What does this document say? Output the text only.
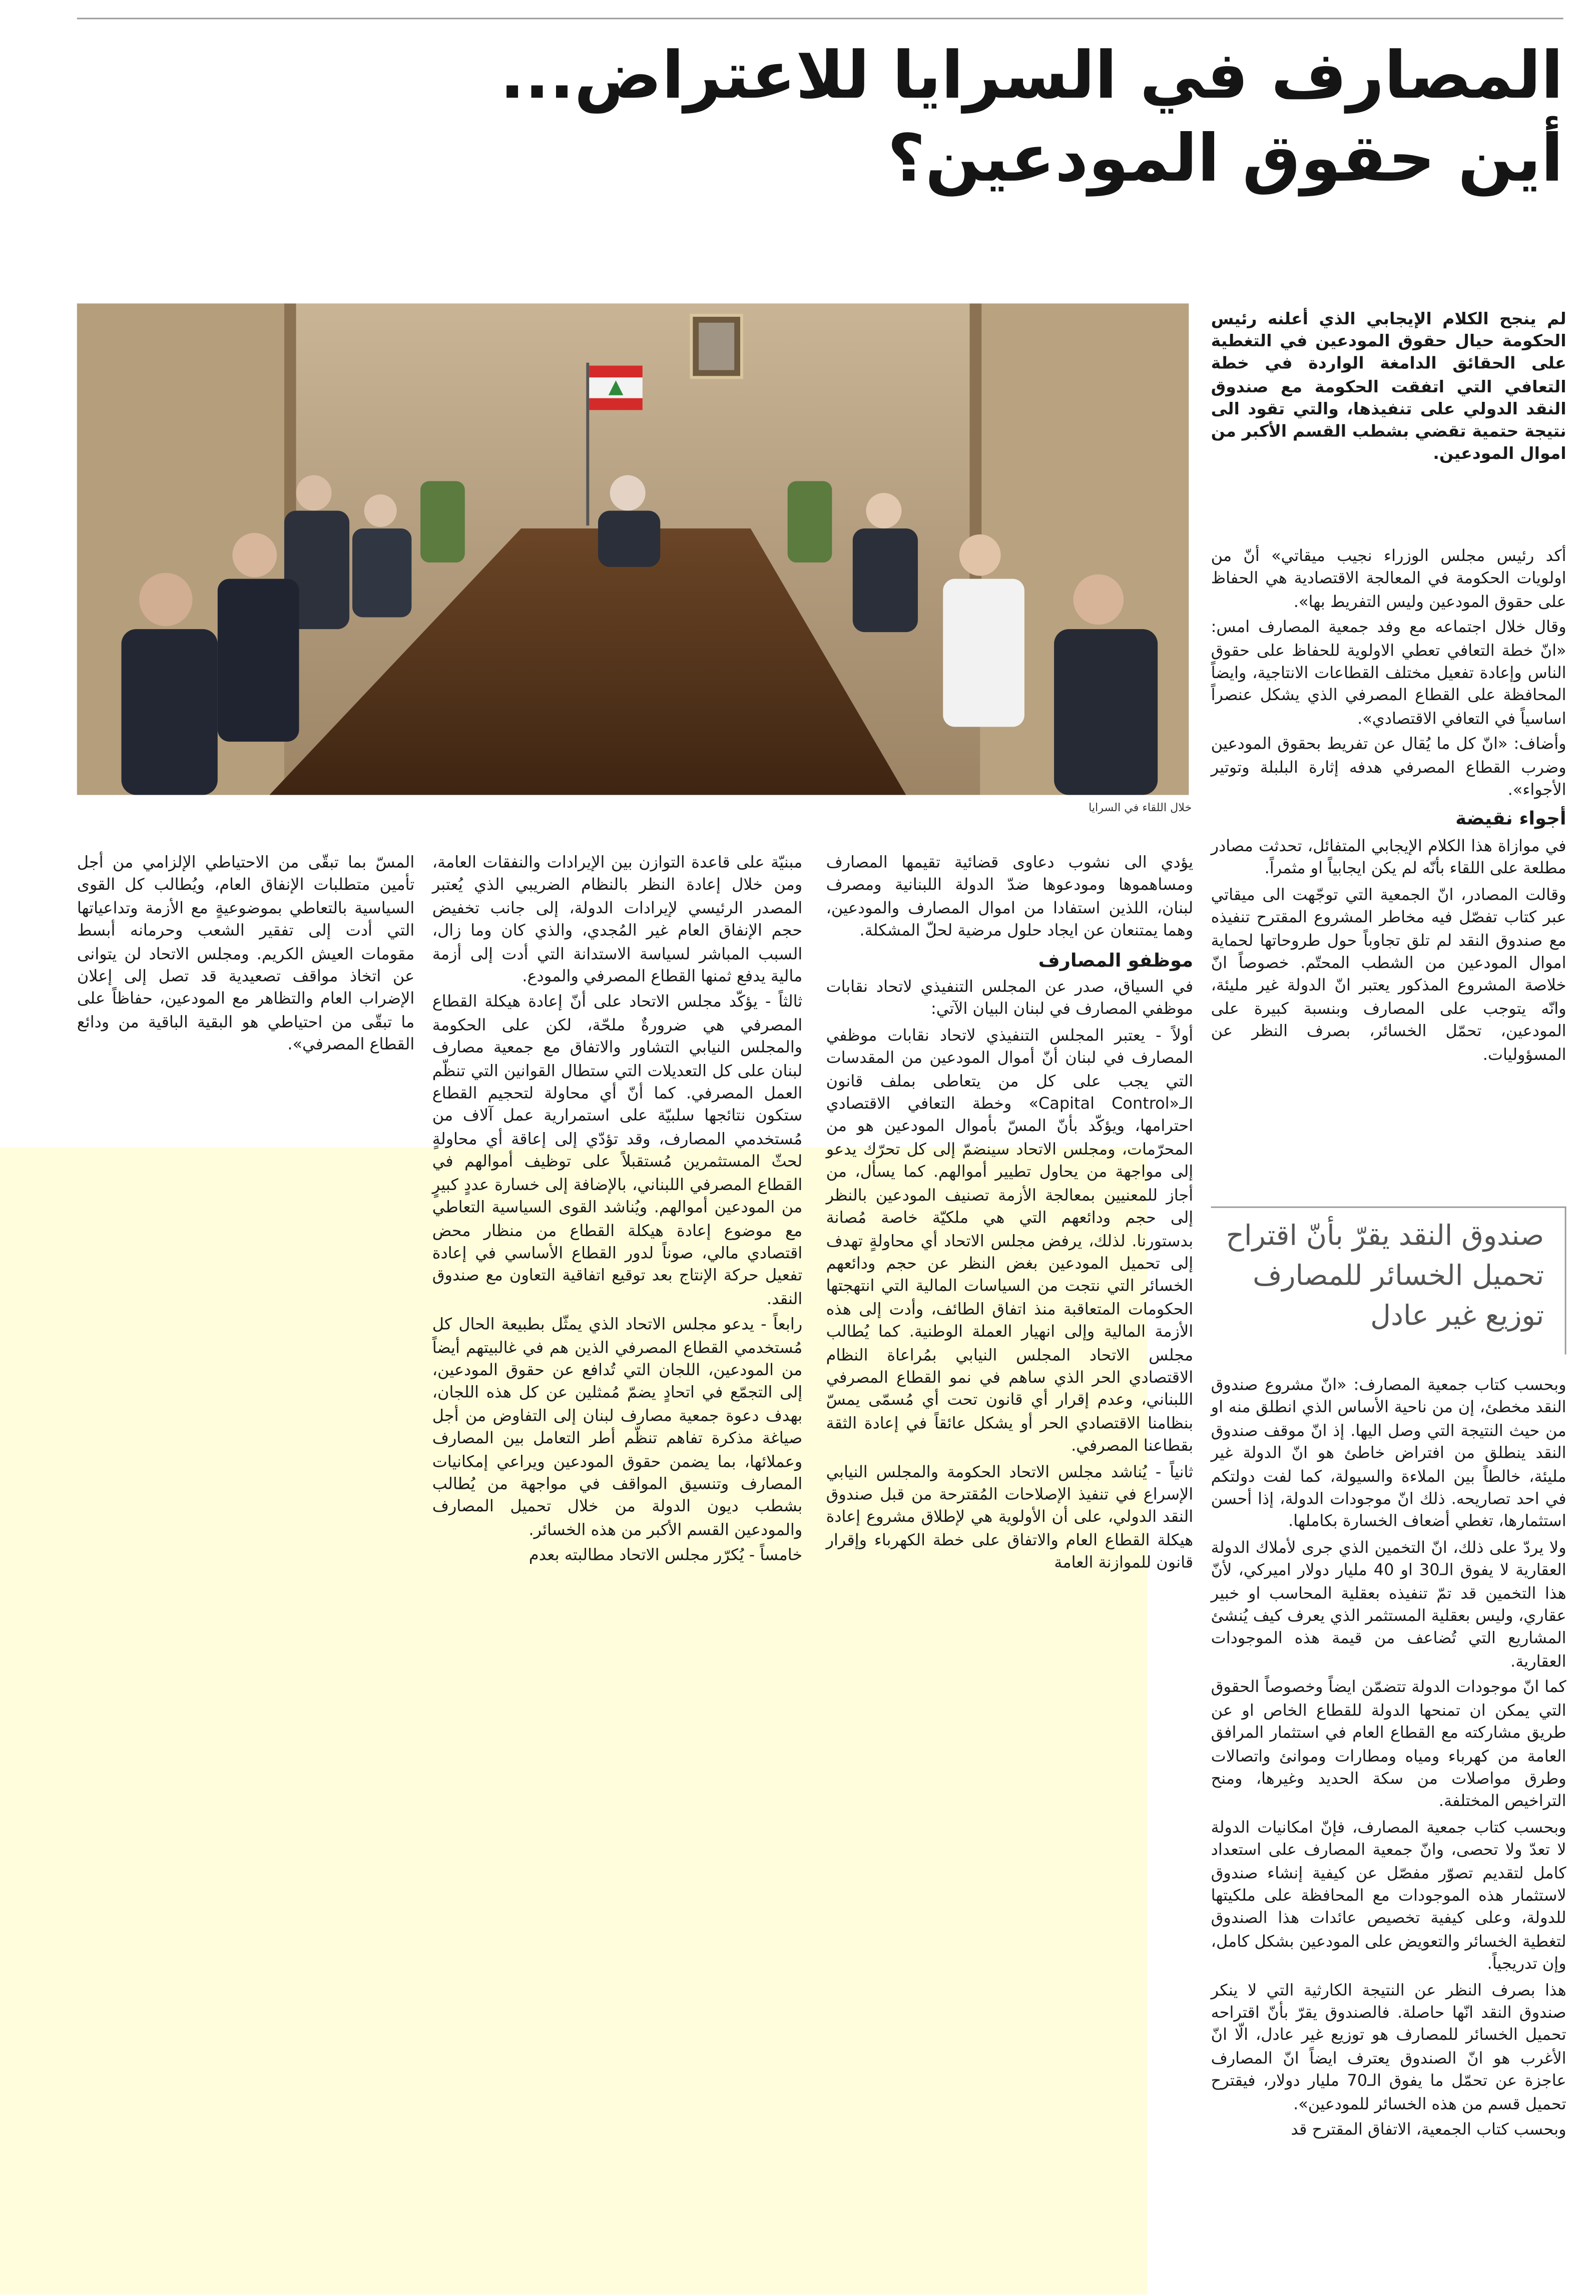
المصارف في السرايا للاعتراض...
أين حقوق المودعين؟
خلال اللقاء في السرايا

لم ينجح الكلام الإيجابي الذي أعلنه رئيس الحكومة حيال حقوق المودعين في التغطية على الحقائق الدامغة الواردة في خطة التعافي التي اتفقت الحكومة مع صندوق النقد الدولي على تنفيذها، والتي تقود الى نتيجة حتمية تقضي بشطب القسم الأكبر من اموال المودعين.

أكد رئيس مجلس الوزراء نجيب ميقاتي» أنّ من اولويات الحكومة في المعالجة الاقتصادية هي الحفاظ على حقوق المودعين وليس التفريط بها».

وقال خلال اجتماعه مع وفد جمعية المصارف امس: «انّ خطة التعافي تعطي الاولوية للحفاظ على حقوق الناس وإعادة تفعيل مختلف القطاعات الانتاجية، وايضاً المحافظة على القطاع المصرفي الذي يشكل عنصراً اساسياً في التعافي الاقتصادي».

وأضاف: «انّ كل ما يُقال عن تفريط بحقوق المودعين وضرب القطاع المصرفي هدفه إثارة البلبلة وتوتير الأجواء».

أجواء نقيضة

في موازاة هذا الكلام الإيجابي المتفائل، تحدثت مصادر مطلعة على اللقاء بأنّه لم يكن ايجابياً او مثمراً.

وقالت المصادر، انّ الجمعية التي توجّهت الى ميقاتي عبر كتاب تفصّل فيه مخاطر المشروع المقترح تنفيذه مع صندوق النقد لم تلق تجاوباً حول طروحاتها لحماية اموال المودعين من الشطب المحتّم. خصوصاً انّ خلاصة المشروع المذكور يعتبر انّ الدولة غير مليئة، وانّه يتوجب على المصارف وبنسبة كبيرة على المودعين، تحمّل الخسائر، بصرف النظر عن المسؤوليات.

صندوق النقد يقرّ بأنّ اقتراح تحميل الخسائر للمصارف توزيع غير عادل

وبحسب كتاب جمعية المصارف: «انّ مشروع صندوق النقد مخطئ، إن من ناحية الأساس الذي انطلق منه او من حيث النتيجة التي وصل اليها. إذ انّ موقف صندوق النقد ينطلق من افتراض خاطئ هو انّ الدولة غير مليئة، خالطاً بين الملاءة والسيولة، كما لفت دولتكم في احد تصاريحه. ذلك انّ موجودات الدولة، إذا أحسن استثمارها، تغطي أضعاف الخسارة بكاملها.

ولا يردّ على ذلك، انّ التخمين الذي جرى لأملاك الدولة العقارية لا يفوق الـ30 او 40 مليار دولار اميركي، لأنّ هذا التخمين قد تمّ تنفيذه بعقلية المحاسب او خبير عقاري، وليس بعقلية المستثمر الذي يعرف كيف يُنشئ المشاريع التي تُضاعف من قيمة هذه الموجودات العقارية.

كما انّ موجودات الدولة تتضمّن ايضاً وخصوصاً الحقوق التي يمكن ان تمنحها الدولة للقطاع الخاص او عن طريق مشاركته مع القطاع العام في استثمار المرافق العامة من كهرباء ومياه ومطارات وموانئ واتصالات وطرق مواصلات من سكة الحديد وغيرها، ومنح التراخيص المختلفة.

وبحسب كتاب جمعية المصارف، فإنّ امكانيات الدولة لا تعدّ ولا تحصى، وانّ جمعية المصارف على استعداد كامل لتقديم تصوّر مفصّل عن كيفية إنشاء صندوق لاستثمار هذه الموجودات مع المحافظة على ملكيتها للدولة، وعلى كيفية تخصيص عائدات هذا الصندوق لتغطية الخسائر والتعويض على المودعين بشكل كامل، وإن تدريجياً.

هذا بصرف النظر عن النتيجة الكارثية التي لا ينكر صندوق النقد انّها حاصلة. فالصندوق يقرّ بأنّ اقتراحه تحميل الخسائر للمصارف هو توزيع غير عادل، الّا انّ الأغرب هو انّ الصندوق يعترف ايضاً انّ المصارف عاجزة عن تحمّل ما يفوق الـ70 مليار دولار، فيقترح تحميل قسم من هذه الخسائر للمودعين».

وبحسب كتاب الجمعية، الاتفاق المقترح قد

يؤدي الى نشوب دعاوى قضائية تقيمها المصارف ومساهموها ومودعوها ضدّ الدولة اللبنانية ومصرف لبنان، اللذين استفادا من اموال المصارف والمودعين، وهما يمتنعان عن ايجاد حلول مرضية لحلّ المشكلة.

موظفو المصارف

في السياق، صدر عن المجلس التنفيذي لاتحاد نقابات موظفي المصارف في لبنان البيان الآتي:

أولاً - يعتبر المجلس التنفيذي لاتحاد نقابات موظفي المصارف في لبنان أنّ أموال المودعين من المقدسات التي يجب على كل من يتعاطى بملف قانون الـ«Capital Control» وخطة التعافي الاقتصادي احترامها، ويؤكّد بأنّ المسّ بأموال المودعين هو من المحرّمات، ومجلس الاتحاد سينضمّ إلى كل تحرّك يدعو إلى مواجهة من يحاول تطيير أموالهم. كما يسأل، من أجاز للمعنيين بمعالجة الأزمة تصنيف المودعين بالنظر إلى حجم ودائعهم التي هي ملكيّة خاصة مُصانة بدستورنا. لذلك، يرفض مجلس الاتحاد أي محاولةٍ تهدف إلى تحميل المودعين بغض النظر عن حجم ودائعهم الخسائر التي نتجت من السياسات المالية التي انتهجتها الحكومات المتعاقبة منذ اتفاق الطائف، وأدت إلى هذه الأزمة المالية وإلى انهيار العملة الوطنية. كما يُطالب مجلس الاتحاد المجلس النيابي بمُراعاة النظام الاقتصادي الحر الذي ساهم في نمو القطاع المصرفي اللبناني، وعدم إقرار أي قانون تحت أي مُسمّى يمسّ بنظامنا الاقتصادي الحر أو يشكل عائقاً في إعادة الثقة بقطاعنا المصرفي.

ثانياً - يُناشد مجلس الاتحاد الحكومة والمجلس النيابي الإسراع في تنفيذ الإصلاحات المُقترحة من قبل صندوق النقد الدولي، على أن الأولوية هي لإطلاق مشروع إعادة هيكلة القطاع العام والاتفاق على خطة الكهرباء وإقرار قانون للموازنة العامة

مبنيّة على قاعدة التوازن بين الإيرادات والنفقات العامة، ومن خلال إعادة النظر بالنظام الضريبي الذي يُعتبر المصدر الرئيسي لإيرادات الدولة، إلى جانب تخفيض حجم الإنفاق العام غير المُجدي، والذي كان وما زال، السبب المباشر لسياسة الاستدانة التي أدت إلى أزمة مالية يدفع ثمنها القطاع المصرفي والمودع.

ثالثاً - يؤكّد مجلس الاتحاد على أنّ إعادة هيكلة القطاع المصرفي هي ضرورةٌ ملحّة، لكن على الحكومة والمجلس النيابي التشاور والاتفاق مع جمعية مصارف لبنان على كل التعديلات التي ستطال القوانين التي تنظّم العمل المصرفي. كما أنّ أي محاولة لتحجيم القطاع ستكون نتائجها سلبيّة على استمرارية عمل آلاف من مُستخدمي المصارف، وقد تؤدّي إلى إعاقة أي محاولةٍ لحثّ المستثمرين مُستقبلاً على توظيف أموالهم في القطاع المصرفي اللبناني، بالإضافة إلى خسارة عددٍ كبيرٍ من المودعين أموالهم. ويُناشد القوى السياسية التعاطي مع موضوع إعادة هيكلة القطاع من منظار محض اقتصادي مالي، صوناً لدور القطاع الأساسي في إعادة تفعيل حركة الإنتاج بعد توقيع اتفاقية التعاون مع صندوق النقد.

رابعاً - يدعو مجلس الاتحاد الذي يمثّل بطبيعة الحال كل مُستخدمي القطاع المصرفي الذين هم في غالبيتهم أيضاً من المودعين، اللجان التي تُدافع عن حقوق المودعين، إلى التجمّع في اتحادٍ يضمّ مُمثلين عن كل هذه اللجان، بهدف دعوة جمعية مصارف لبنان إلى التفاوض من أجل صياغة مذكرة تفاهم تنظّم أطر التعامل بين المصارف وعملائها، بما يضمن حقوق المودعين ويراعي إمكانيات المصارف وتنسيق المواقف في مواجهة من يُطالب بشطب ديون الدولة من خلال تحميل المصارف والمودعين القسم الأكبر من هذه الخسائر.

خامساً - يُكرّر مجلس الاتحاد مطالبته بعدم

المسّ بما تبقّى من الاحتياطي الإلزامي من أجل تأمين متطلبات الإنفاق العام، ويُطالب كل القوى السياسية بالتعاطي بموضوعيةٍ مع الأزمة وتداعياتها التي أدت إلى تفقير الشعب وحرمانه أبسط مقومات العيش الكريم. ومجلس الاتحاد لن يتوانى عن اتخاذ مواقف تصعيدية قد تصل إلى إعلان الإضراب العام والتظاهر مع المودعين، حفاظاً على ما تبقّى من احتياطي هو البقية الباقية من ودائع القطاع المصرفي».
